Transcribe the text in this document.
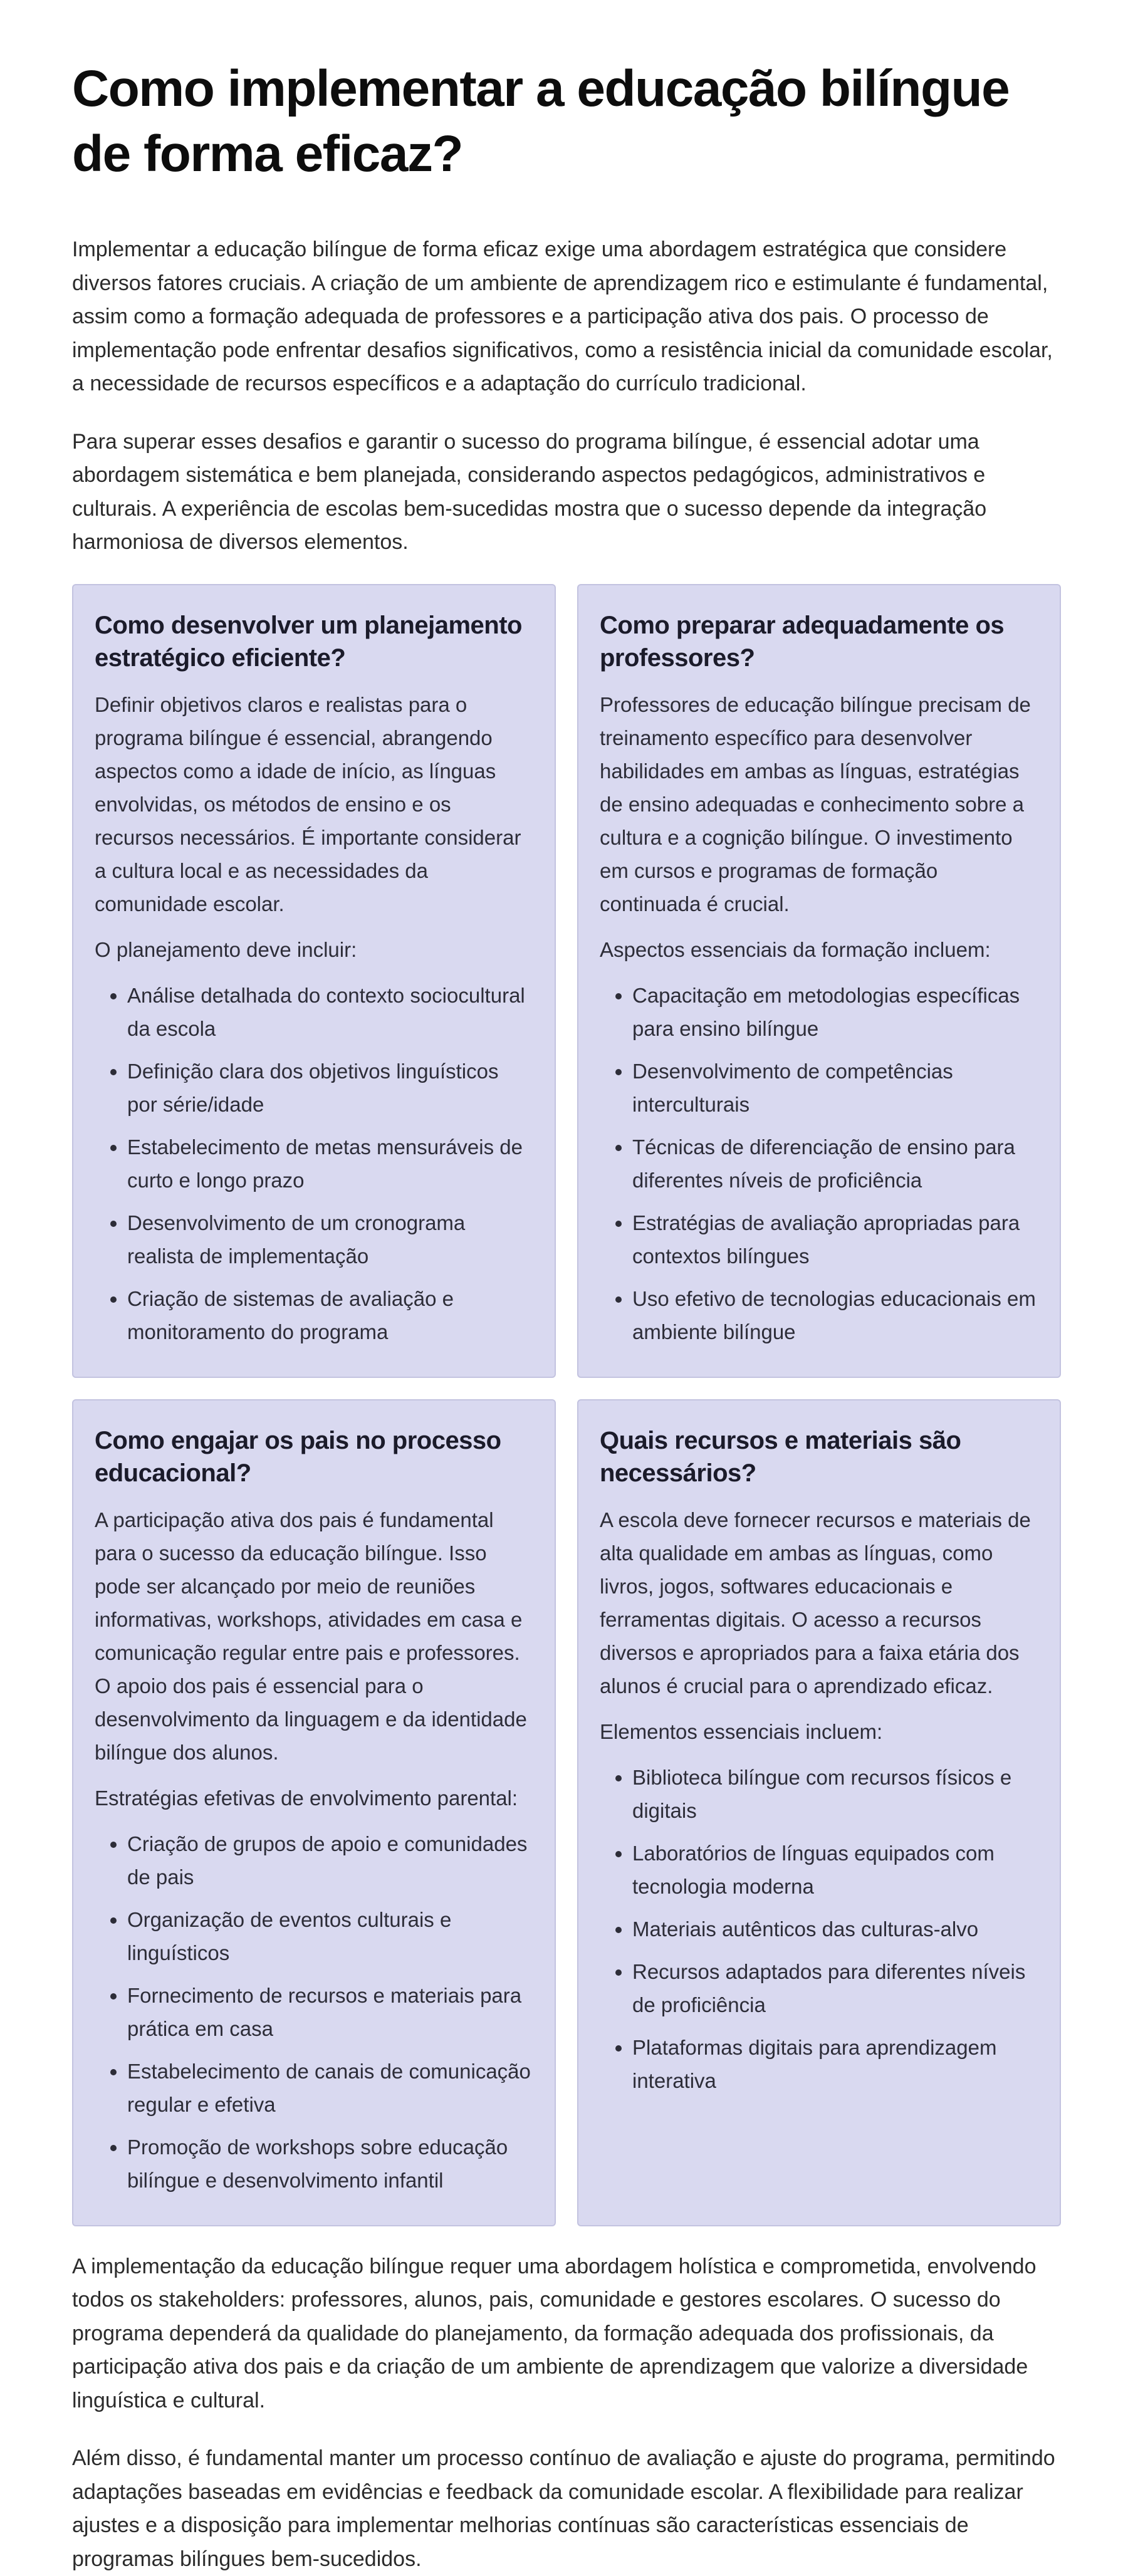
Como implementar a educação bilíngue de forma eficaz?

Implementar a educação bilíngue de forma eficaz exige uma abordagem estratégica que considere diversos fatores cruciais. A criação de um ambiente de aprendizagem rico e estimulante é fundamental, assim como a formação adequada de professores e a participação ativa dos pais. O processo de implementação pode enfrentar desafios significativos, como a resistência inicial da comunidade escolar, a necessidade de recursos específicos e a adaptação do currículo tradicional.

Para superar esses desafios e garantir o sucesso do programa bilíngue, é essencial adotar uma abordagem sistemática e bem planejada, considerando aspectos pedagógicos, administrativos e culturais. A experiência de escolas bem-sucedidas mostra que o sucesso depende da integração harmoniosa de diversos elementos.

Como desenvolver um planejamento estratégico eficiente?

Definir objetivos claros e realistas para o programa bilíngue é essencial, abrangendo aspectos como a idade de início, as línguas envolvidas, os métodos de ensino e os recursos necessários. É importante considerar a cultura local e as necessidades da comunidade escolar.

O planejamento deve incluir:

• Análise detalhada do contexto sociocultural da escola
• Definição clara dos objetivos linguísticos por série/idade
• Estabelecimento de metas mensuráveis de curto e longo prazo
• Desenvolvimento de um cronograma realista de implementação
• Criação de sistemas de avaliação e monitoramento do programa
Como preparar adequadamente os professores?

Professores de educação bilíngue precisam de treinamento específico para desenvolver habilidades em ambas as línguas, estratégias de ensino adequadas e conhecimento sobre a cultura e a cognição bilíngue. O investimento em cursos e programas de formação continuada é crucial.

Aspectos essenciais da formação incluem:

• Capacitação em metodologias específicas para ensino bilíngue
• Desenvolvimento de competências interculturais
• Técnicas de diferenciação de ensino para diferentes níveis de proficiência
• Estratégias de avaliação apropriadas para contextos bilíngues
• Uso efetivo de tecnologias educacionais em ambiente bilíngue
Como engajar os pais no processo educacional?

A participação ativa dos pais é fundamental para o sucesso da educação bilíngue. Isso pode ser alcançado por meio de reuniões informativas, workshops, atividades em casa e comunicação regular entre pais e professores. O apoio dos pais é essencial para o desenvolvimento da linguagem e da identidade bilíngue dos alunos.

Estratégias efetivas de envolvimento parental:

• Criação de grupos de apoio e comunidades de pais
• Organização de eventos culturais e linguísticos
• Fornecimento de recursos e materiais para prática em casa
• Estabelecimento de canais de comunicação regular e efetiva
• Promoção de workshops sobre educação bilíngue e desenvolvimento infantil
Quais recursos e materiais são necessários?

A escola deve fornecer recursos e materiais de alta qualidade em ambas as línguas, como livros, jogos, softwares educacionais e ferramentas digitais. O acesso a recursos diversos e apropriados para a faixa etária dos alunos é crucial para o aprendizado eficaz.

Elementos essenciais incluem:

• Biblioteca bilíngue com recursos físicos e digitais
• Laboratórios de línguas equipados com tecnologia moderna
• Materiais autênticos das culturas-alvo
• Recursos adaptados para diferentes níveis de proficiência
• Plataformas digitais para aprendizagem interativa

A implementação da educação bilíngue requer uma abordagem holística e comprometida, envolvendo todos os stakeholders: professores, alunos, pais, comunidade e gestores escolares. O sucesso do programa dependerá da qualidade do planejamento, da formação adequada dos profissionais, da participação ativa dos pais e da criação de um ambiente de aprendizagem que valorize a diversidade linguística e cultural.

Além disso, é fundamental manter um processo contínuo de avaliação e ajuste do programa, permitindo adaptações baseadas em evidências e feedback da comunidade escolar. A flexibilidade para realizar ajustes e a disposição para implementar melhorias contínuas são características essenciais de programas bilíngues bem-sucedidos.
